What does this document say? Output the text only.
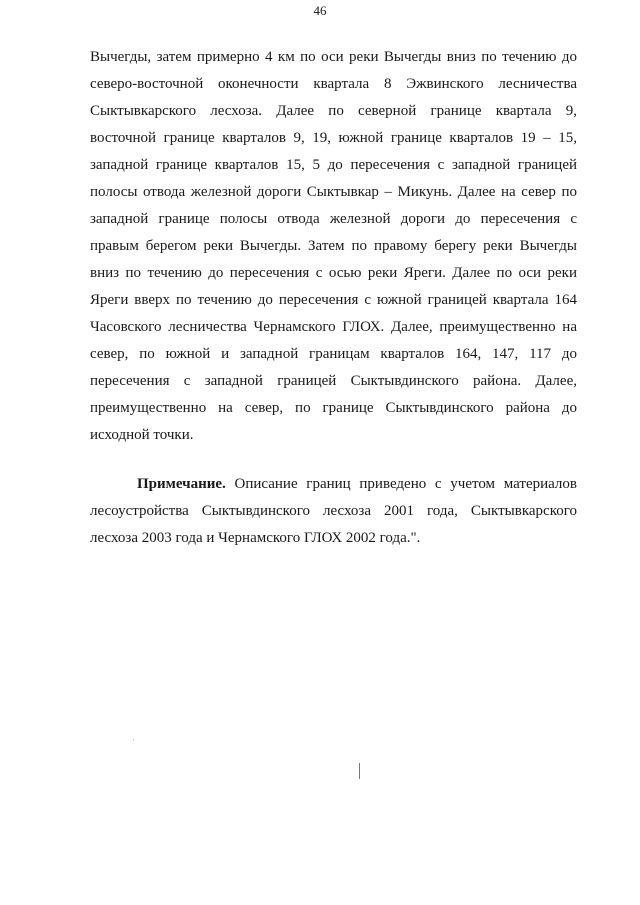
46
Вычегды, затем примерно 4 км по оси реки Вычегды вниз по течению до
северо-восточной оконечности квартала 8 Эжвинского лесничества
Сыктывкарского лесхоза. Далее по северной границе квартала 9,
восточной границе кварталов 9, 19, южной границе кварталов 19 – 15,
западной границе кварталов 15, 5 до пересечения с западной границей
полосы отвода железной дороги Сыктывкар – Микунь. Далее на север по
западной границе полосы отвода железной дороги до пересечения с
правым берегом реки Вычегды. Затем по правому берегу реки Вычегды
вниз по течению до пересечения с осью реки Яреги. Далее по оси реки
Яреги вверх по течению до пересечения с южной границей квартала 164
Часовского лесничества Чернамского ГЛОХ. Далее, преимущественно на
север, по южной и западной границам кварталов 164, 147, 117 до
пересечения с западной границей Сыктывдинского района. Далее,
преимущественно на север, по границе Сыктывдинского района до
исходной точки.
Примечание. Описание границ приведено с учетом материалов
лесоустройства Сыктывдинского лесхоза 2001 года, Сыктывкарского
лесхоза 2003 года и Чернамского ГЛОХ 2002 года.".
